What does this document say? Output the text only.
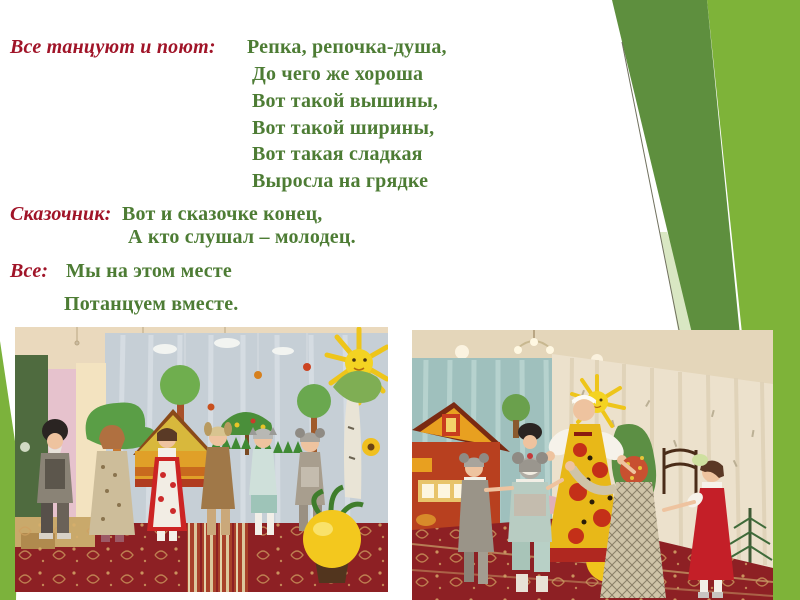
Все танцуют и поют: Репка, репочка-душа,
До чего же хороша
Вот такой вышины,
Вот такой ширины,
Вот такая сладкая
Выросла на грядке
Сказочник: Вот и сказочке конец,
А кто слушал – молодец.
Все: Мы на этом месте
Потанцуем вместе.
